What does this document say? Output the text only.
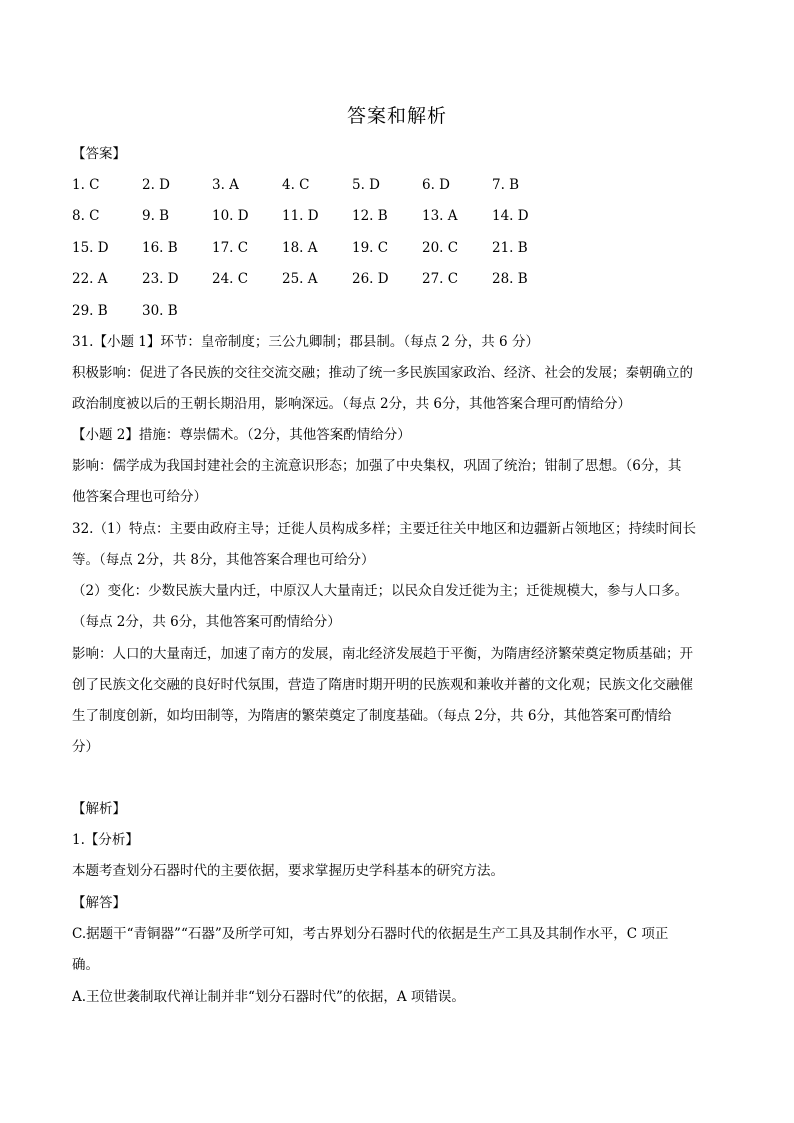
答案和解析
【答案】
1. C	2. D	3. A	4. C	5. D	6. D	7. B
8. C	9. B	10. D	11. D	12. B	13. A	14. D
15. D	16. B	17. C	18. A	19. C	20. C	21. B
22. A	23. D	24. C	25. A	26. D	27. C	28. B
29. B	30. B
31.【小题 1】环节：皇帝制度；三公九卿制；郡县制。（每点 2 分，共 6 分）
积极影响：促进了各民族的交往交流交融；推动了统一多民族国家政治、经济、社会的发展；秦朝确立的
政治制度被以后的王朝长期沿用，影响深远。（每点 2分，共 6分，其他答案合理可酌情给分）
【小题 2】措施：尊崇儒术。（2分，其他答案酌情给分）
影响：儒学成为我国封建社会的主流意识形态；加强了中央集权，巩固了统治；钳制了思想。（6分，其
他答案合理也可给分）
32.（1）特点：主要由政府主导；迁徙人员构成多样；主要迁往关中地区和边疆新占领地区；持续时间长
等。（每点 2分，共 8分，其他答案合理也可给分）
（2）变化：少数民族大量内迁，中原汉人大量南迁；以民众自发迁徙为主；迁徙规模大，参与人口多。
（每点 2分，共 6分，其他答案可酌情给分）
影响：人口的大量南迁，加速了南方的发展，南北经济发展趋于平衡，为隋唐经济繁荣奠定物质基础；开
创了民族文化交融的良好时代氛围，营造了隋唐时期开明的民族观和兼收并蓄的文化观；民族文化交融催
生了制度创新，如均田制等，为隋唐的繁荣奠定了制度基础。（每点 2分，共 6分，其他答案可酌情给
分）
【解析】
1.【分析】
本题考查划分石器时代的主要依据，要求掌握历史学科基本的研究方法。
【解答】
C.据题干“青铜器”“石器”及所学可知，考古界划分石器时代的依据是生产工具及其制作水平，C 项正
确。
A.王位世袭制取代禅让制并非“划分石器时代”的依据，A 项错误。
